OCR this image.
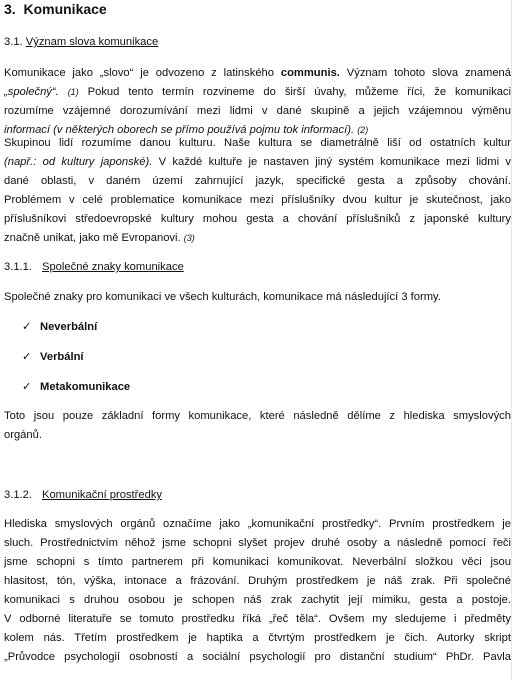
3. Komunikace
3.1. Význam slova komunikace
Komunikace jako „slovo“ je odvozeno z latinského communis. Význam tohoto slova znamená
„společný“. (1) Pokud tento termín rozvineme do širší úvahy, můžeme říci, že komunikaci
rozumíme vzájemné dorozumívání mezi lidmi v dané skupině a jejich vzájemnou výměnu
informací (v některých oborech se přímo používá pojmu tok informací). (2)
Skupinou lidí rozumíme danou kulturu. Naše kultura se diametrálně liší od ostatních kultur
(např.: od kultury japonské). V každé kultuře je nastaven jiný systém komunikace mezi lidmi v
dané oblasti, v daném území zahrnující jazyk, specifické gesta a způsoby chování.
Problémem v celé problematice komunikace mezi příslušníky dvou kultur je skutečnost, jako
příslušníkovi středoevropské kultury mohou gesta a chování příslušníků z japonské kultury
značně unikat, jako mě Evropanovi. (3)
3.1.1. Společné znaky komunikace
Společné znaky pro komunikaci ve všech kulturách, komunikace má následující 3 formy.
✓ Neverbální
✓ Verbální
✓ Metakomunikace
Toto jsou pouze základní formy komunikace, které následně dělíme z hlediska smyslových
orgánů.
3.1.2. Komunikační prostředky
Hlediska smyslových orgánů označíme jako „komunikační prostředky“. Prvním prostředkem je
sluch. Prostřednictvím něhož jsme schopni slyšet projev druhé osoby a následně pomocí řeči
jsme schopni s tímto partnerem při komunikaci komunikovat. Neverbální složkou věci jsou
hlasitost, tón, výška, intonace a frázování. Druhým prostředkem je náš zrak. Při společné
komunikaci s druhou osobou je schopen náš zrak zachytit její mimiku, gesta a postoje.
V odborné literatuře se tomuto prostředku říká „řeč těla“. Ovšem my sledujeme i předměty
kolem nás. Třetím prostředkem je haptika a čtvrtým prostředkem je čich. Autorky skript
„Průvodce psychologií osobností a sociální psychologií pro distanční studium“ PhDr. Pavla
